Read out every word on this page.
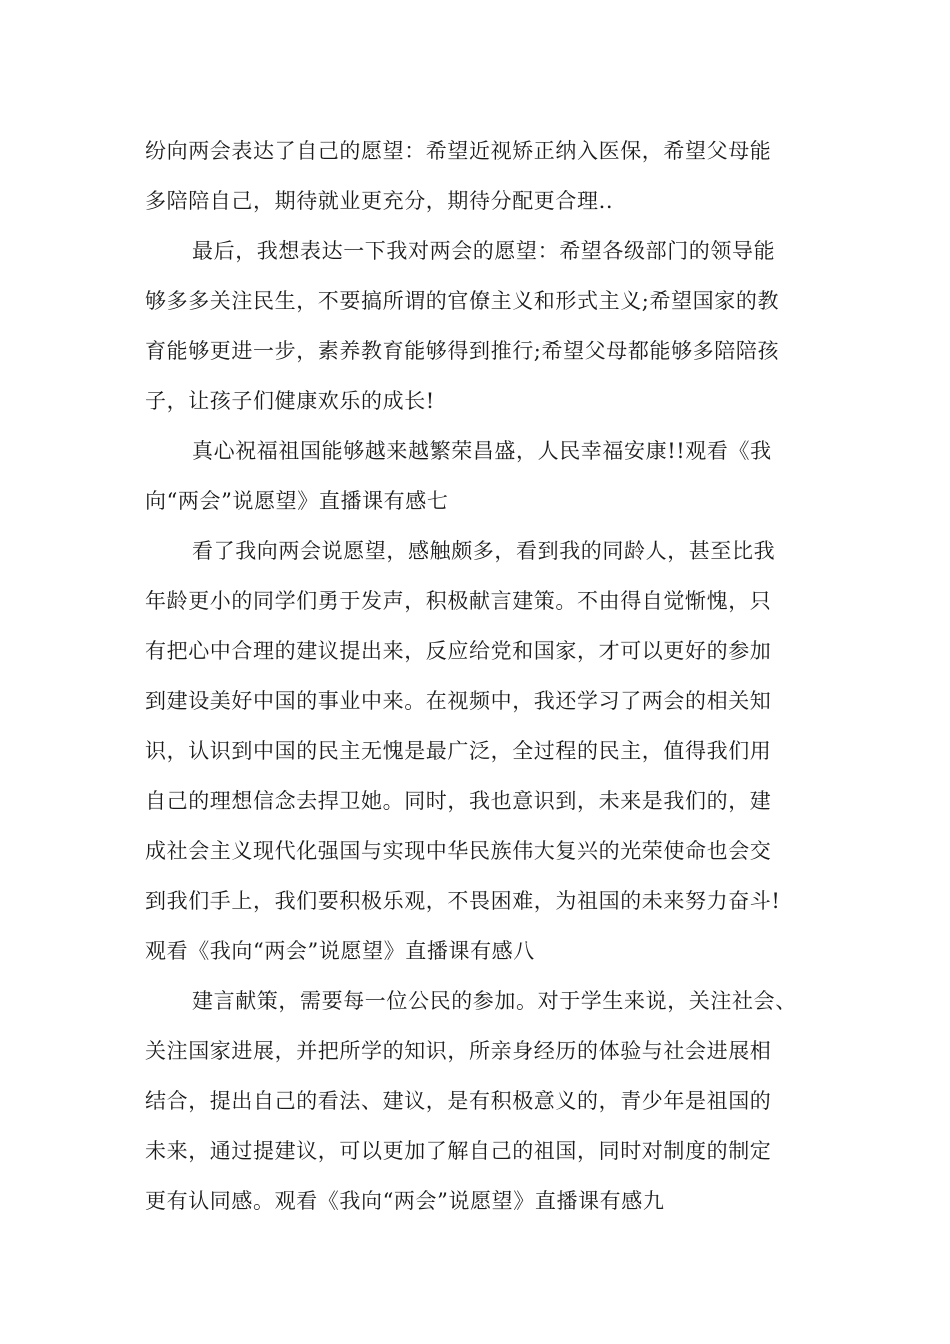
纷向两会表达了自己的愿望：希望近视矫正纳入医保，希望父母能
多陪陪自己，期待就业更充分，期待分配更合理..
最后，我想表达一下我对两会的愿望：希望各级部门的领导能
够多多关注民生，不要搞所谓的官僚主义和形式主义;希望国家的教
育能够更进一步，素养教育能够得到推行;希望父母都能够多陪陪孩
子，让孩子们健康欢乐的成长!
真心祝福祖国能够越来越繁荣昌盛，人民幸福安康!!观看《我
向“两会”说愿望》直播课有感七
看了我向两会说愿望，感触颇多，看到我的同龄人，甚至比我
年龄更小的同学们勇于发声，积极献言建策。不由得自觉惭愧，只
有把心中合理的建议提出来，反应给党和国家，才可以更好的参加
到建设美好中国的事业中来。在视频中，我还学习了两会的相关知
识，认识到中国的民主无愧是最广泛，全过程的民主，值得我们用
自己的理想信念去捍卫她。同时，我也意识到，未来是我们的，建
成社会主义现代化强国与实现中华民族伟大复兴的光荣使命也会交
到我们手上，我们要积极乐观，不畏困难，为祖国的未来努力奋斗!
观看《我向“两会”说愿望》直播课有感八
建言献策，需要每一位公民的参加。对于学生来说，关注社会、
关注国家进展，并把所学的知识，所亲身经历的体验与社会进展相
结合，提出自己的看法、建议，是有积极意义的，青少年是祖国的
未来，通过提建议，可以更加了解自己的祖国，同时对制度的制定
更有认同感。观看《我向“两会”说愿望》直播课有感九
